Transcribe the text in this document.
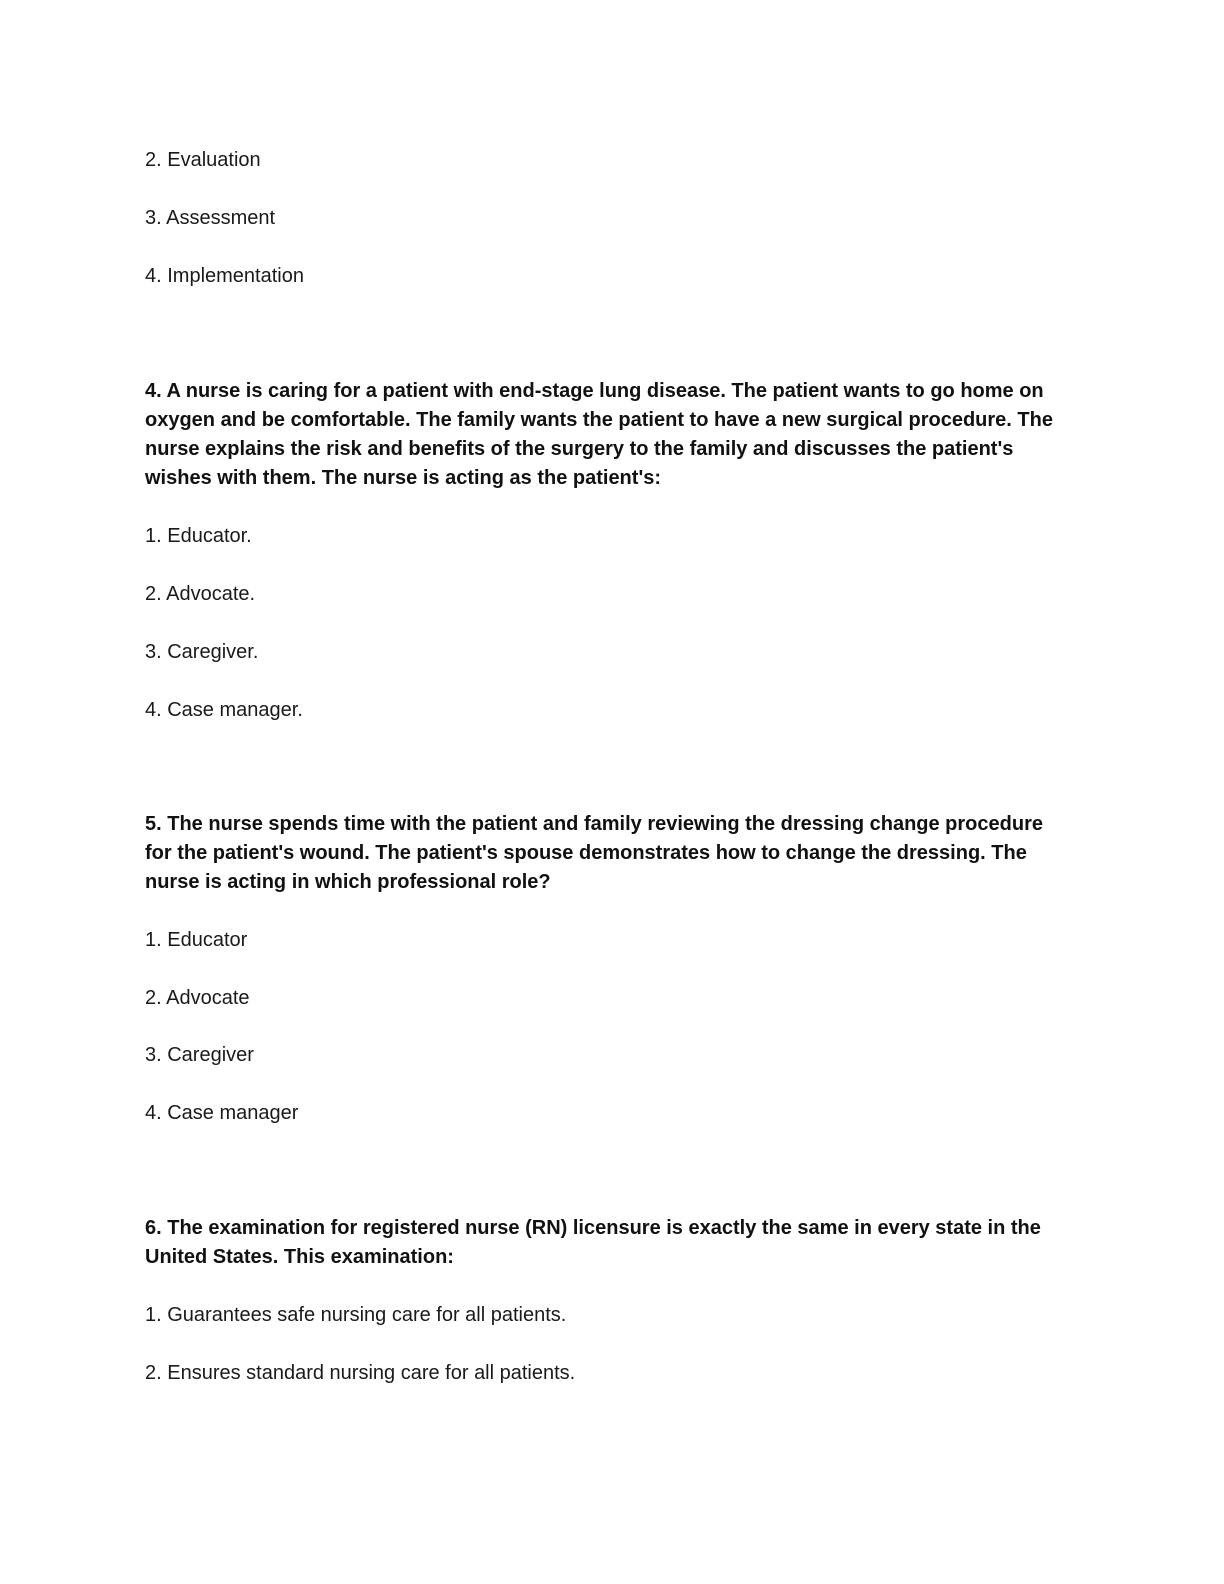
2. Evaluation
3. Assessment
4. Implementation
4. A nurse is caring for a patient with end-stage lung disease. The patient wants to go home on oxygen and be comfortable. The family wants the patient to have a new surgical procedure. The nurse explains the risk and benefits of the surgery to the family and discusses the patient's wishes with them. The nurse is acting as the patient's:
1. Educator.
2. Advocate.
3. Caregiver.
4. Case manager.
5. The nurse spends time with the patient and family reviewing the dressing change procedure for the patient's wound. The patient's spouse demonstrates how to change the dressing. The nurse is acting in which professional role?
1. Educator
2. Advocate
3. Caregiver
4. Case manager
6. The examination for registered nurse (RN) licensure is exactly the same in every state in the United States. This examination:
1. Guarantees safe nursing care for all patients.
2. Ensures standard nursing care for all patients.
